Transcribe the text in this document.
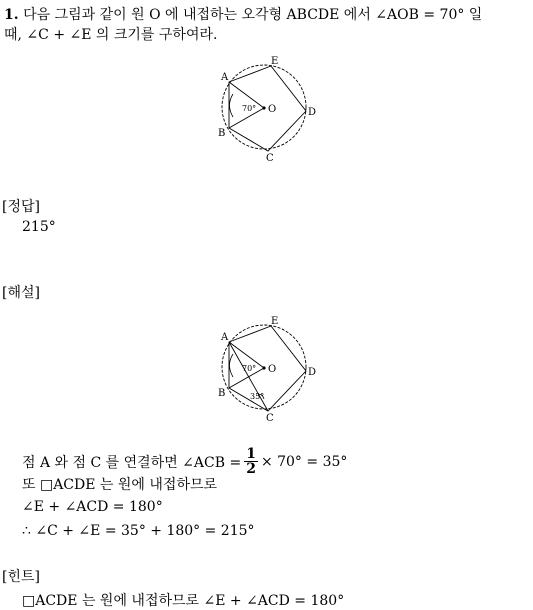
1. 다음 그림과 같이 원 O 에 내접하는 오각형 ABCDE 에서 ∠AOB = 70° 일
때, ∠C + ∠E 의 크기를 구하여라.
A
E
D
C
B
O
70°
[정답]
215°
[해설]
A
E
D
C
B
O
70°
35°
점 A 와 점 C 를 연결하면 ∠ACB = $\frac{1}{2} \times 70^\circ = 35^\circ$
또 □ACDE 는 원에 내접하므로
∠E + ∠ACD = 180°
∴ ∠C + ∠E = 35° + 180° = 215°
[힌트]
□ACDE 는 원에 내접하므로 ∠E + ∠ACD = 180°
